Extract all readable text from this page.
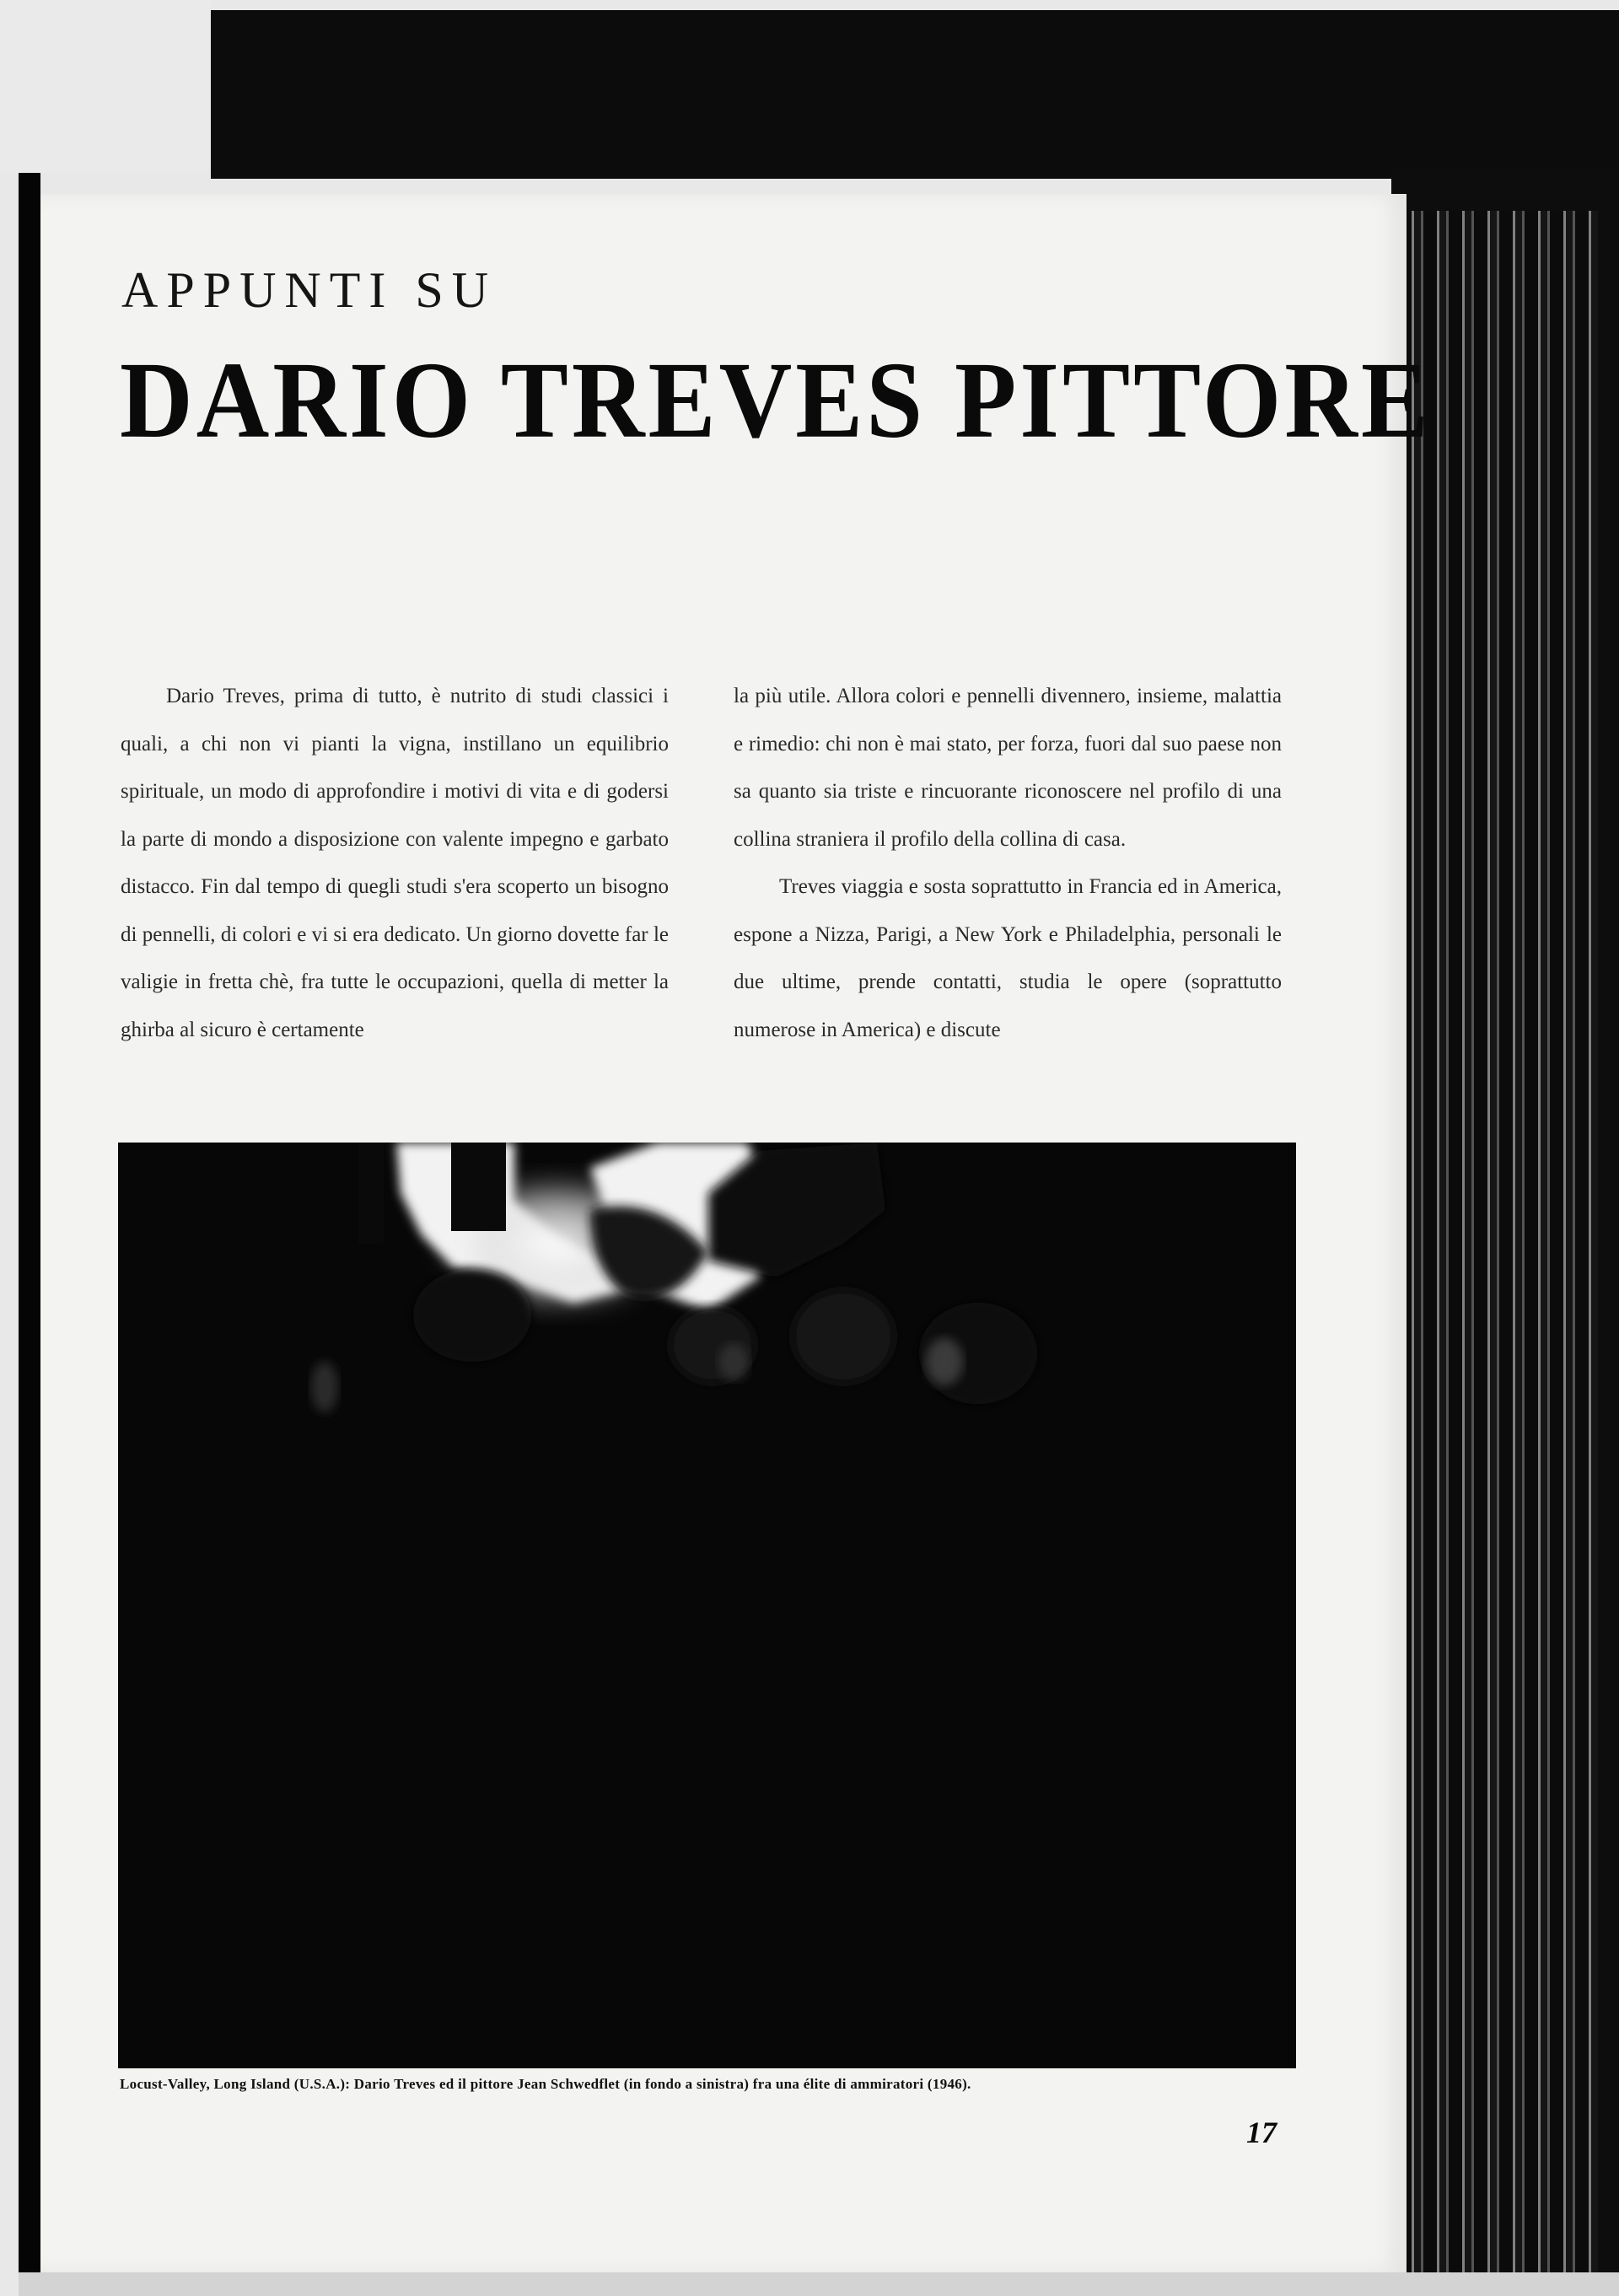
APPUNTI SU
DARIO TREVES PITTORE

Dario Treves, prima di tutto, è nutrito di studi classici i quali, a chi non vi pianti la vigna, instillano un equilibrio spirituale, un modo di approfondire i motivi di vita e di godersi la parte di mondo a disposizione con valente impegno e garbato distacco. Fin dal tempo di quegli studi s'era scoperto un bisogno di pennelli, di colori e vi si era dedicato. Un giorno dovette far le valigie in fretta chè, fra tutte le occupazioni, quella di metter la ghirba al sicuro è certamente

la più utile. Allora colori e pennelli divennero, insieme, malattia e rimedio: chi non è mai stato, per forza, fuori dal suo paese non sa quanto sia triste e rincuorante riconoscere nel profilo di una collina straniera il profilo della collina di casa.

Treves viaggia e sosta soprattutto in Francia ed in America, espone a Nizza, Parigi, a New York e Philadelphia, personali le due ultime, prende contatti, studia le opere (soprattutto numerose in America) e discute

Locust-Valley, Long Island (U.S.A.): Dario Treves ed il pittore Jean Schwedflet (in fondo a sinistra) fra una élite di ammiratori (1946).

17
